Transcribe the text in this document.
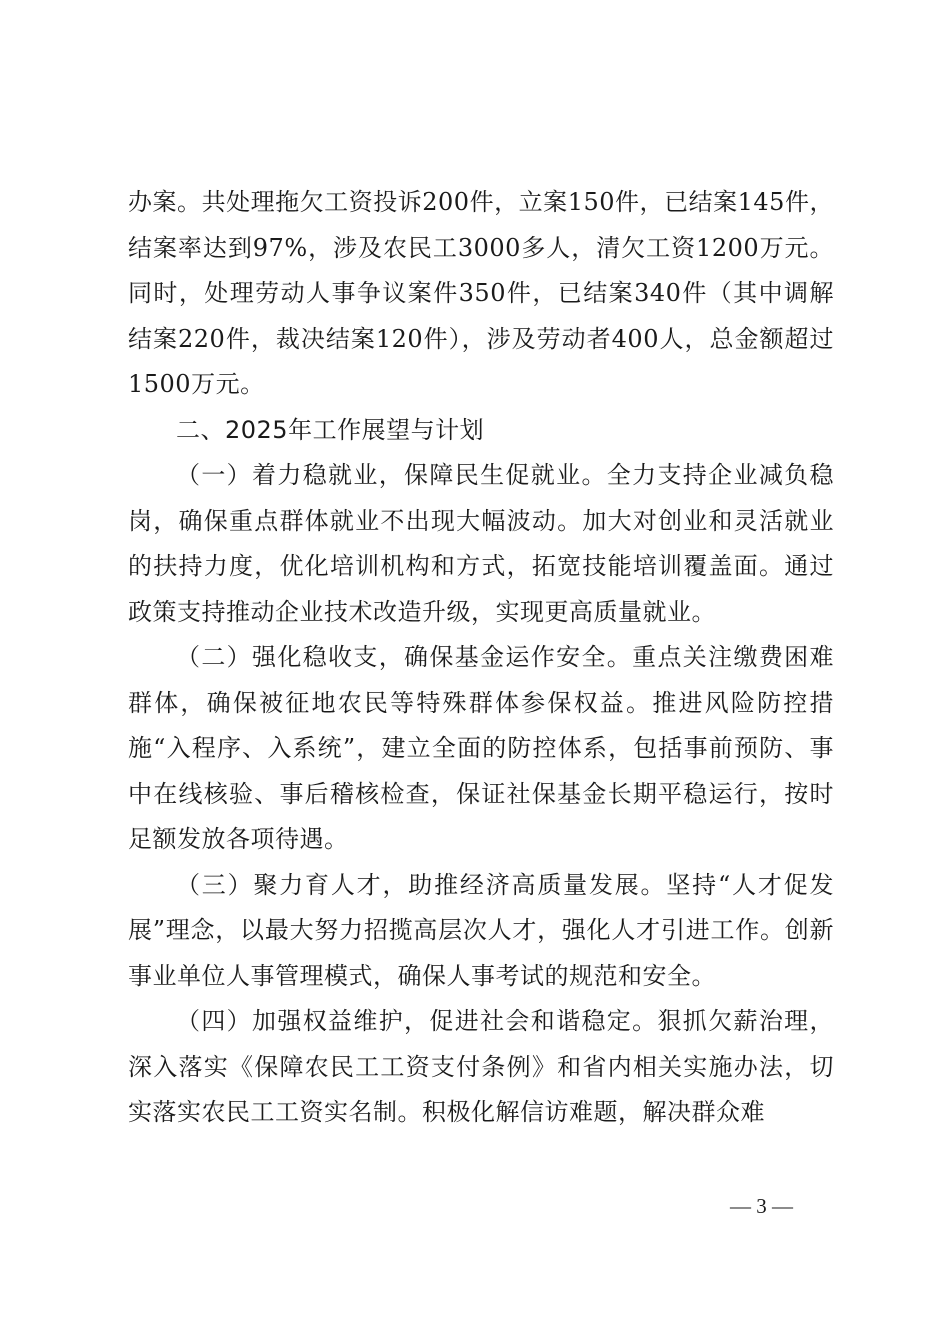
办案。共处理拖欠工资投诉200件，立案150件，已结案145件，结案率达到97%，涉及农民工3000多人，清欠工资1200万元。同时，处理劳动人事争议案件350件，已结案340件（其中调解结案220件，裁决结案120件），涉及劳动者400人，总金额超过1500万元。

二、2025年工作展望与计划

（一）着力稳就业，保障民生促就业。全力支持企业减负稳岗，确保重点群体就业不出现大幅波动。加大对创业和灵活就业的扶持力度，优化培训机构和方式，拓宽技能培训覆盖面。通过政策支持推动企业技术改造升级，实现更高质量就业。

（二）强化稳收支，确保基金运作安全。重点关注缴费困难群体，确保被征地农民等特殊群体参保权益。推进风险防控措施“入程序、入系统”，建立全面的防控体系，包括事前预防、事中在线核验、事后稽核检查，保证社保基金长期平稳运行，按时足额发放各项待遇。

（三）聚力育人才，助推经济高质量发展。坚持“人才促发展”理念，以最大努力招揽高层次人才，强化人才引进工作。创新事业单位人事管理模式，确保人事考试的规范和安全。

（四）加强权益维护，促进社会和谐稳定。狠抓欠薪治理，深入落实《保障农民工工资支付条例》和省内相关实施办法，切实落实农民工工资实名制。积极化解信访难题，解决群众难

— 3 —
